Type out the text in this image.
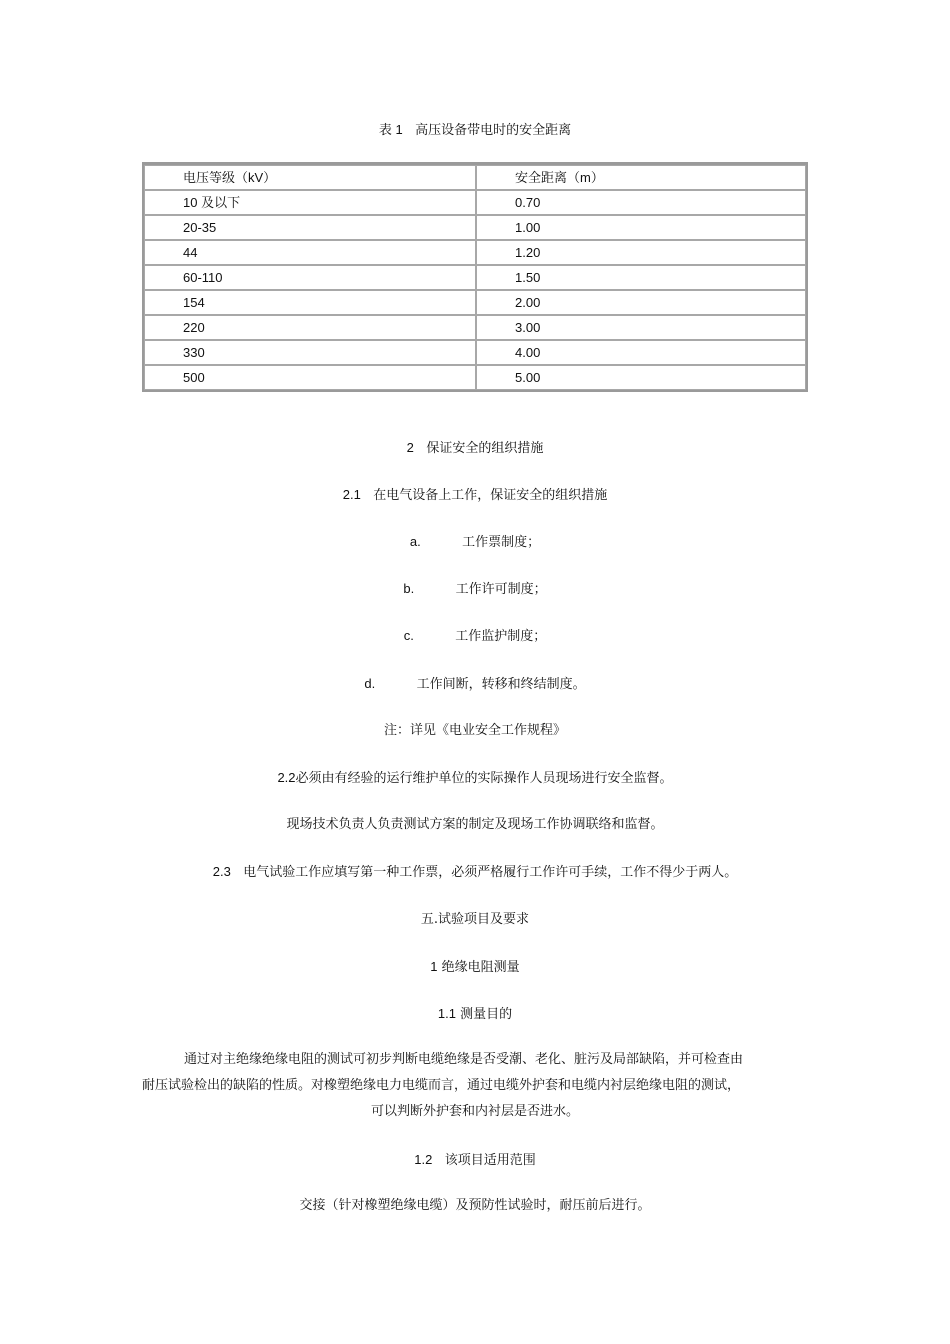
表 1 高压设备带电时的安全距离
电压等级（kV）	安全距离（m）
10 及以下	0.70
20-35	1.00
44	1.20
60-110	1.50
154	2.00
220	3.00
330	4.00
500	5.00
2 保证安全的组织措施
2.1 在电气设备上工作，保证安全的组织措施
a.	工作票制度；
b.	工作许可制度；
c.	工作监护制度；
d.	工作间断，转移和终结制度。
注：详见《电业安全工作规程》
2.2必须由有经验的运行维护单位的实际操作人员现场进行安全监督。
现场技术负责人负责测试方案的制定及现场工作协调联络和监督。
2.3 电气试验工作应填写第一种工作票，必须严格履行工作许可手续，工作不得少于两人。
五.试验项目及要求
1 绝缘电阻测量
1.1 测量目的
通过对主绝缘绝缘电阻的测试可初步判断电缆绝缘是否受潮、老化、脏污及局部缺陷，并可检查由
耐压试验检出的缺陷的性质。对橡塑绝缘电力电缆而言，通过电缆外护套和电缆内衬层绝缘电阻的测试，
可以判断外护套和内衬层是否进水。
1.2 该项目适用范围
交接（针对橡塑绝缘电缆）及预防性试验时，耐压前后进行。
